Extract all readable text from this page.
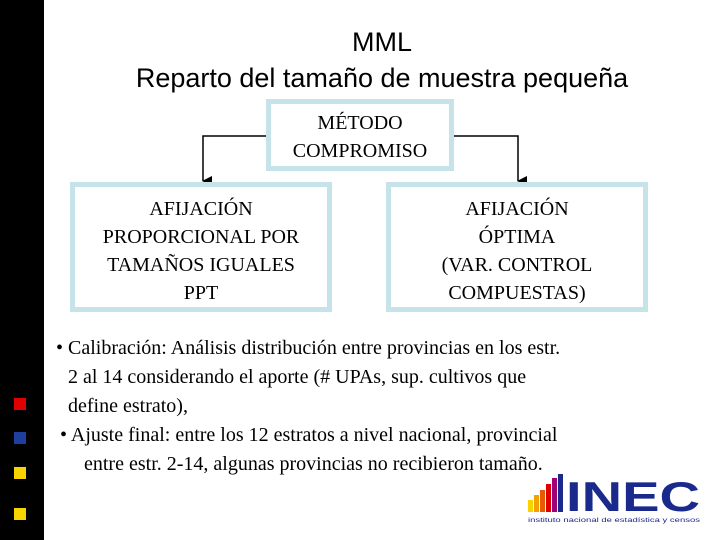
MML
Reparto del tamaño de muestra pequeña
MÉTODO
COMPROMISO
AFIJACIÓN
PROPORCIONAL POR
TAMAÑOS IGUALES
PPT
AFIJACIÓN
ÓPTIMA
(VAR. CONTROL
COMPUESTAS)

• Calibración: Análisis distribución entre provincias en los estr.

2 al 14 considerando el aporte (# UPAs, sup. cultivos que

define estrato),

• Ajuste final: entre los 12 estratos a nivel nacional, provincial

entre estr. 2-14, algunas provincias no recibieron tamaño.

INEC
instituto nacional de estadística y censos
